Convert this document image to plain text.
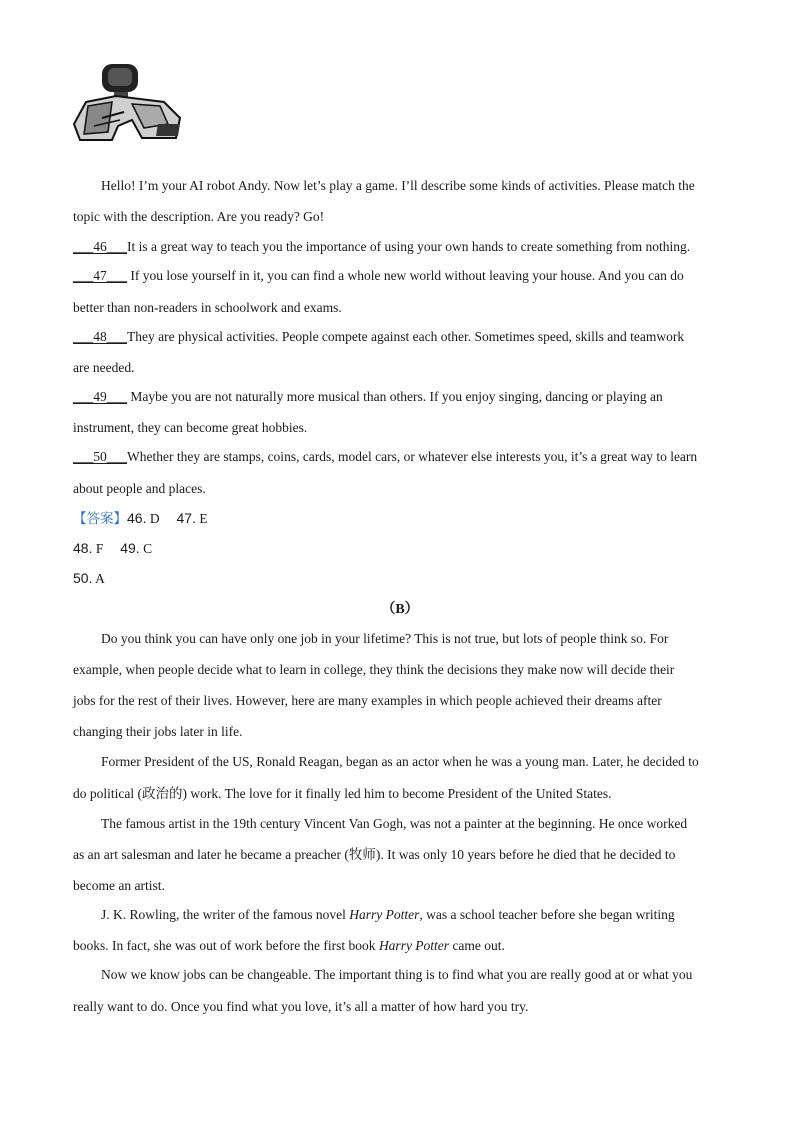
Hello! I’m your AI robot Andy. Now let’s play a game. I’ll describe some kinds of activities. Please match the
topic with the description. Are you ready? Go!
___46___It is a great way to teach you the importance of using your own hands to create something from nothing.
___47___ If you lose yourself in it, you can find a whole new world without leaving your house. And you can do
better than non-readers in schoolwork and exams.
___48___They are physical activities. People compete against each other. Sometimes speed, skills and teamwork
are needed.
___49___ Maybe you are not naturally more musical than others. If you enjoy singing, dancing or playing an
instrument, they can become great hobbies.
___50___Whether they are stamps, coins, cards, model cars, or whatever else interests you, it’s a great way to learn
about people and places.
【答案】46. D 47. E
48. F 49. C
50. A
（B）
Do you think you can have only one job in your lifetime? This is not true, but lots of people think so. For
example, when people decide what to learn in college, they think the decisions they make now will decide their
jobs for the rest of their lives. However, here are many examples in which people achieved their dreams after
changing their jobs later in life.
Former President of the US, Ronald Reagan, began as an actor when he was a young man. Later, he decided to
do political (政治的) work. The love for it finally led him to become President of the United States.
The famous artist in the 19th century Vincent Van Gogh, was not a painter at the beginning. He once worked
as an art salesman and later he became a preacher (牧师). It was only 10 years before he died that he decided to
become an artist.
J. K. Rowling, the writer of the famous novel Harry Potter, was a school teacher before she began writing
books. In fact, she was out of work before the first book Harry Potter came out.
Now we know jobs can be changeable. The important thing is to find what you are really good at or what you
really want to do. Once you find what you love, it’s all a matter of how hard you try.
